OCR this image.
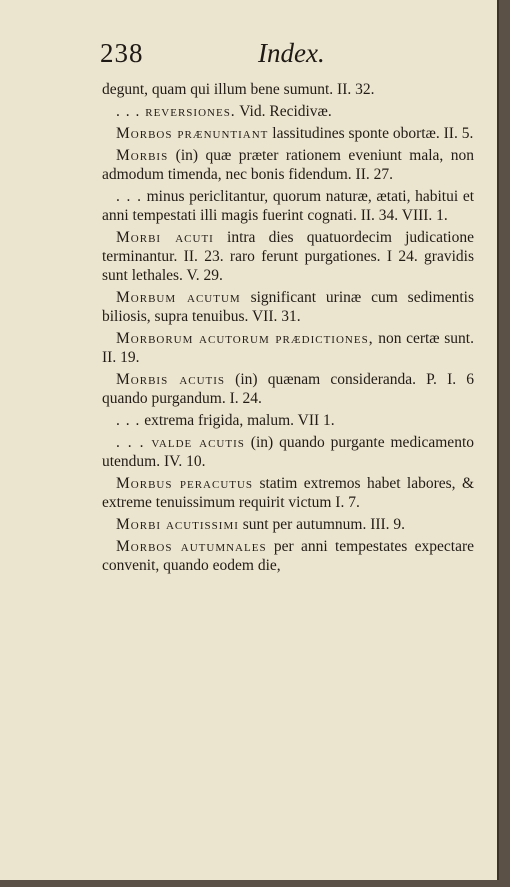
238	Index.

degunt, quam qui illum bene sumunt. II. 32.

. . . reversiones. Vid. Recidivæ.

Morbos prænuntiant lassitudines sponte obortæ. II. 5.

Morbis (in) quæ præter rationem eveniunt mala, non admodum timenda, nec bonis fidendum. II. 27.

. . . minus periclitantur, quorum naturæ, ætati, habitui et anni tempestati illi magis fuerint cognati. II. 34. VIII. 1.

Morbi acuti intra dies quatuordecim judicatione terminantur. II. 23. raro ferunt purgationes. I 24. gravidis sunt lethales. V. 29.

Morbum acutum significant urinæ cum sedimentis biliosis, supra tenuibus. VII. 31.

Morborum acutorum prædictiones, non certæ sunt. II. 19.

Morbis acutis (in) quænam consideranda. P. I. 6 quando purgandum. I. 24.

. . . extrema frigida, malum. VII 1.

. . . valde acutis (in) quando purgante medicamento utendum. IV. 10.

Morbus peracutus statim extremos habet labores, & extreme tenuissimum requirit victum I. 7.

Morbi acutissimi sunt per autumnum. III. 9.

Morbos autumnales per anni tempestates expectare convenit, quando eodem die,
